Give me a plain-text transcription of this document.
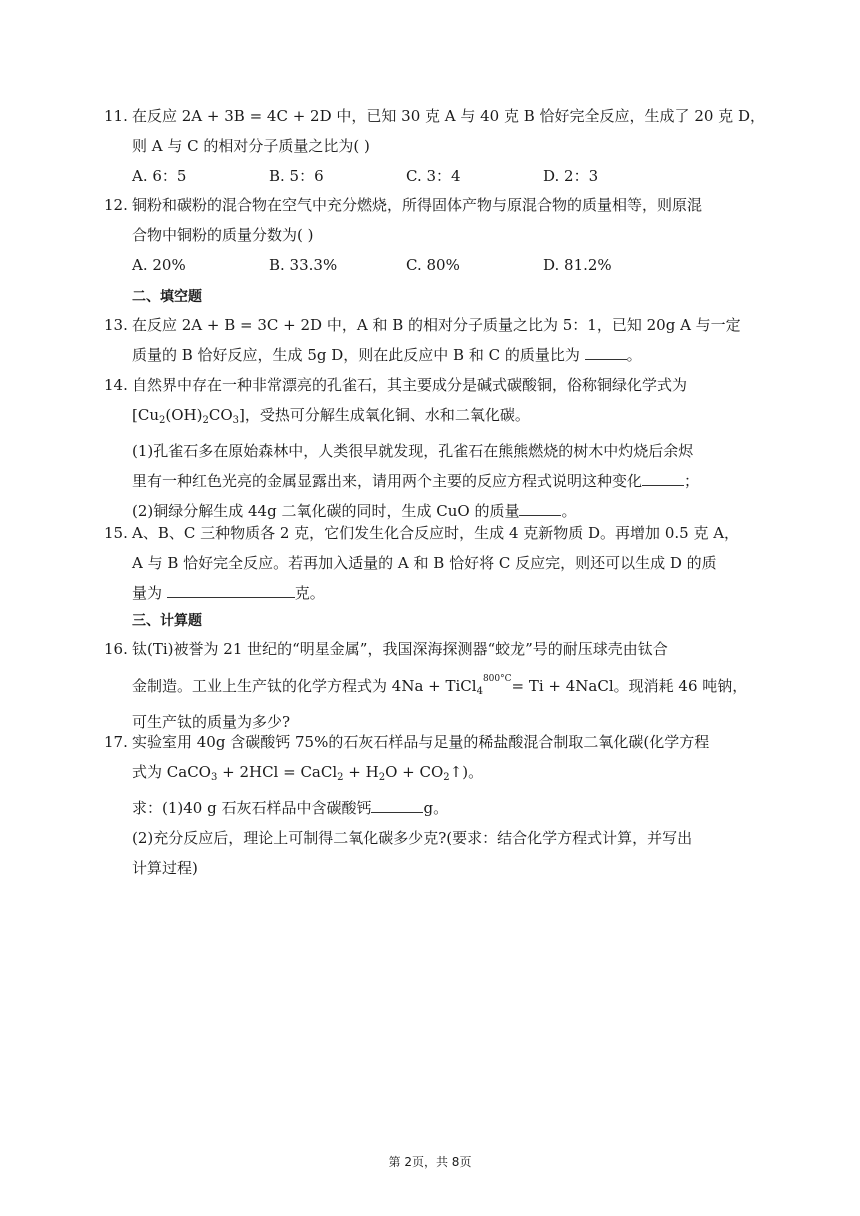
11. 在反应 2A + 3B = 4C + 2D 中，已知 30 克 A 与 40 克 B 恰好完全反应，生成了 20 克 D，
则 A 与 C 的相对分子质量之比为( )
A. 6：5	B. 5：6	C. 3：4	D. 2：3
12. 铜粉和碳粉的混合物在空气中充分燃烧，所得固体产物与原混合物的质量相等，则原混
合物中铜粉的质量分数为( )
A. 20%	B. 33.3%	C. 80%	D. 81.2%
二、填空题
13. 在反应 2A + B = 3C + 2D 中，A 和 B 的相对分子质量之比为 5：1，已知 20g A 与一定
质量的 B 恰好反应，生成 5g D，则在此反应中 B 和 C 的质量比为	。
14. 自然界中存在一种非常漂亮的孔雀石，其主要成分是碱式碳酸铜，俗称铜绿化学式为
$[Cu_2(OH)_2CO_3]$，受热可分解生成氧化铜、水和二氧化碳。
(1)孔雀石多在原始森林中，人类很早就发现，孔雀石在熊熊燃烧的树木中灼烧后余烬
里有一种红色光亮的金属显露出来，请用两个主要的反应方程式说明这种变化	；
(2)铜绿分解生成 44g 二氧化碳的同时，生成 CuO 的质量	。
15. A、B、C 三种物质各 2 克，它们发生化合反应时，生成 4 克新物质 D。再增加 0.5 克 A，
A 与 B 恰好完全反应。若再加入适量的 A 和 B 恰好将 C 反应完，则还可以生成 D 的质
量为	克。
三、计算题
16. 钛(Ti)被誉为 21 世纪的“明星金属”，我国深海探测器“蛟龙”号的耐压球壳由钛合
金制造。工业上生产钛的化学方程式为 4Na + TiCl$_4^{800^\circ C}$= Ti + 4NaCl。现消耗 46 吨钠，
可生产钛的质量为多少?
17. 实验室用 40g 含碳酸钙 75%的石灰石样品与足量的稀盐酸混合制取二氧化碳(化学方程
式为 CaCO$_3$ + 2HCl = CaCl$_2$ + $H_2O$ + $CO_2↑$)。
求：(1)40 g 石灰石样品中含碳酸钙	g。
(2)充分反应后，理论上可制得二氧化碳多少克?(要求：结合化学方程式计算，并写出
计算过程)
第 2页，共 8页
